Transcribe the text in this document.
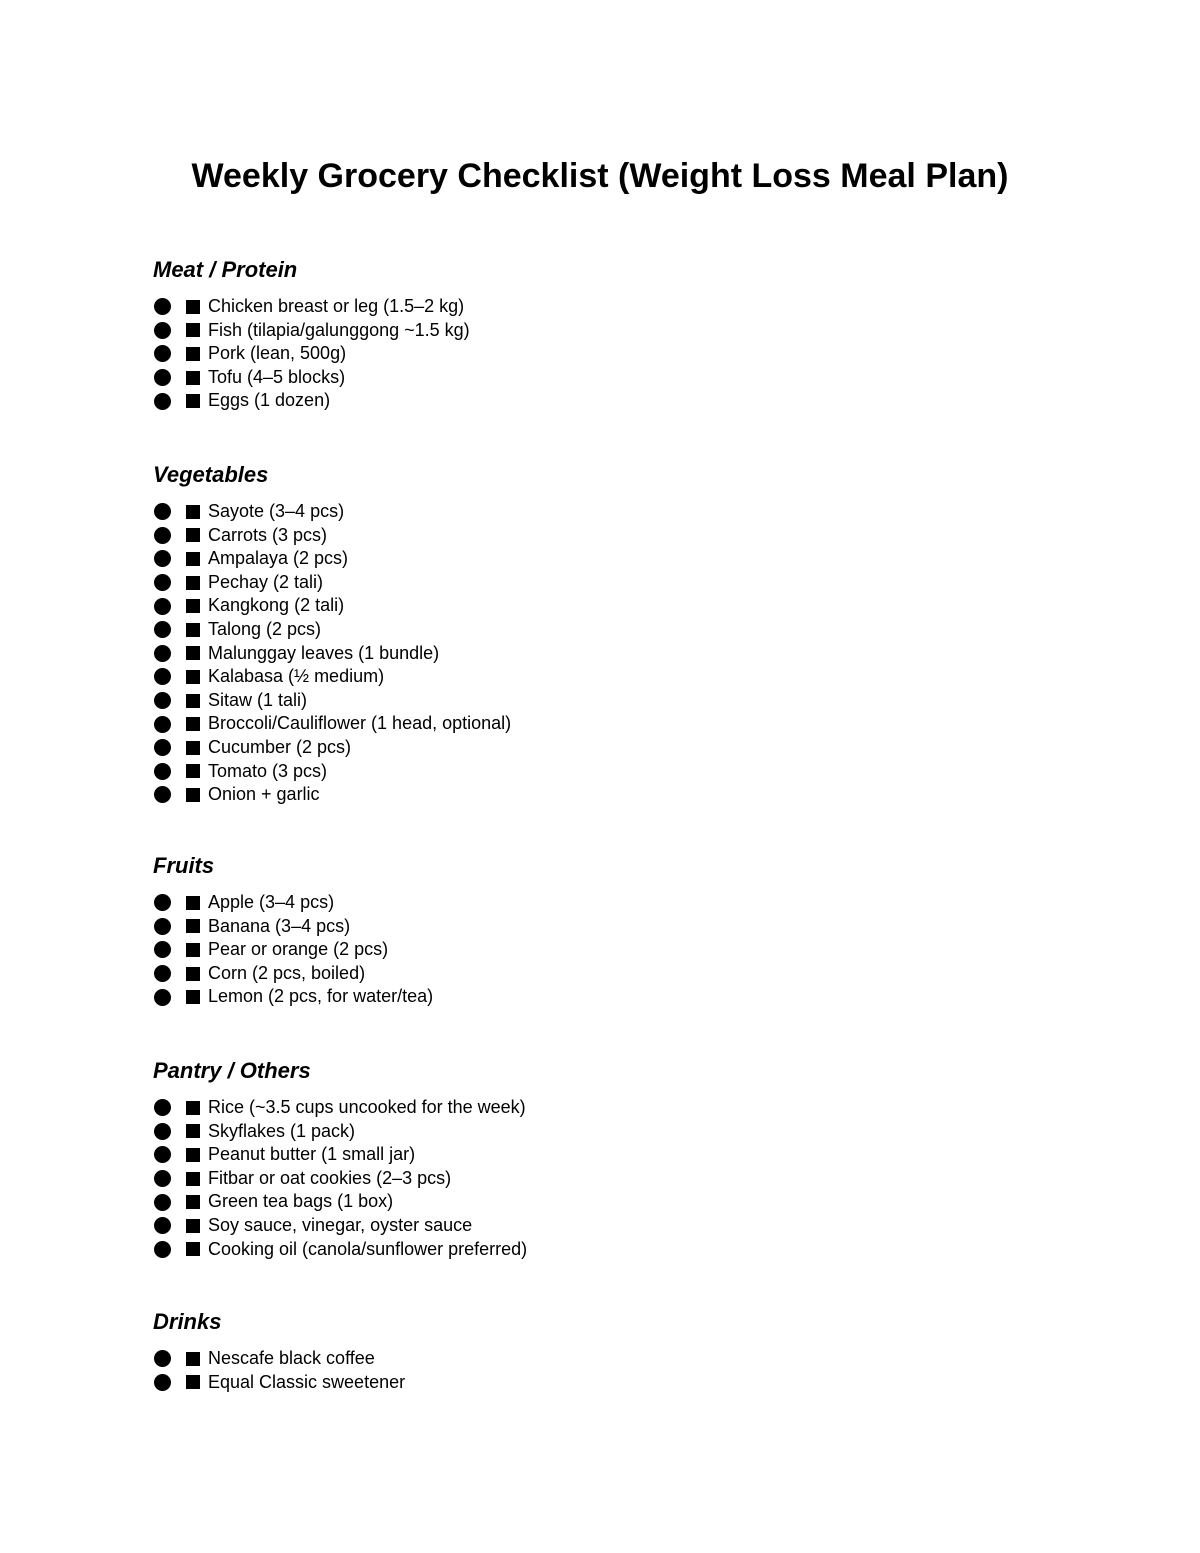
Weekly Grocery Checklist (Weight Loss Meal Plan)
Meat / Protein
Chicken breast or leg (1.5–2 kg)
Fish (tilapia/galunggong ~1.5 kg)
Pork (lean, 500g)
Tofu (4–5 blocks)
Eggs (1 dozen)
Vegetables
Sayote (3–4 pcs)
Carrots (3 pcs)
Ampalaya (2 pcs)
Pechay (2 tali)
Kangkong (2 tali)
Talong (2 pcs)
Malunggay leaves (1 bundle)
Kalabasa (½ medium)
Sitaw (1 tali)
Broccoli/Cauliflower (1 head, optional)
Cucumber (2 pcs)
Tomato (3 pcs)
Onion + garlic
Fruits
Apple (3–4 pcs)
Banana (3–4 pcs)
Pear or orange (2 pcs)
Corn (2 pcs, boiled)
Lemon (2 pcs, for water/tea)
Pantry / Others
Rice (~3.5 cups uncooked for the week)
Skyflakes (1 pack)
Peanut butter (1 small jar)
Fitbar or oat cookies (2–3 pcs)
Green tea bags (1 box)
Soy sauce, vinegar, oyster sauce
Cooking oil (canola/sunflower preferred)
Drinks
Nescafe black coffee
Equal Classic sweetener
